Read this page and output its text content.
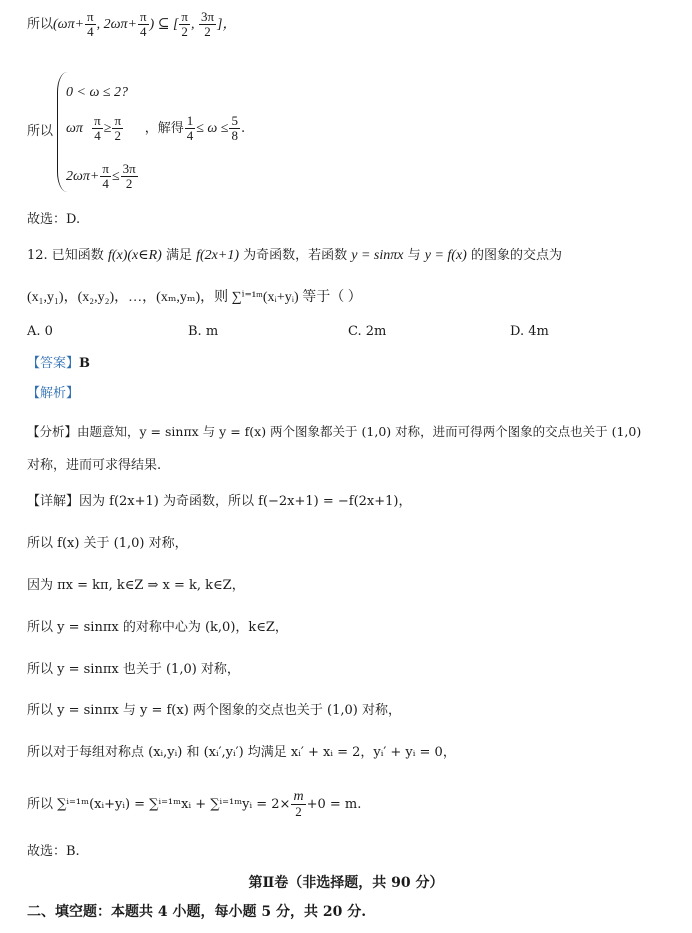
所以($\omega\pi+ \frac{\pi}{4}$ , $2\omega\pi+ \frac{\pi}{4}$ ) ⊆ [ $\frac{\pi}{2}$ , $\frac{3\pi}{2}$ ]，
所以
0 < ω ≤ 2?
ωπ $\frac{\pi}{4} \ge \frac{\pi}{2}$ ，解得 $\frac{1}{4} \le \omega \le \frac{5}{8}$ .
$2\omega\pi+ \frac{\pi}{4} \le \frac{3\pi}{2}$
故选：D.
12. 已知函数 f(x)(x∈R) 满足 f(2x+1) 为奇函数，若函数 y = sinπx 与 y = f(x) 的图象的交点为
(x₁,y₁)，(x₂,y₂)，…，(xₘ,yₘ)，则 ∑ⁱ⁼¹ᵐ(xᵢ+yᵢ) 等于（ ）
A. 0	B. m	C. 2m	D. 4m
【答案】B
【解析】
【分析】由题意知，y = sinπx 与 y = f(x) 两个图象都关于 (1,0) 对称，进而可得两个图象的交点也关于 (1,0)
对称，进而可求得结果.
【详解】因为 f(2x+1) 为奇函数，所以 f(−2x+1) = −f(2x+1)，
所以 f(x) 关于 (1,0) 对称，
因为 πx = kπ, k∈Z ⇒ x = k, k∈Z，
所以 y = sinπx 的对称中心为 (k,0)，k∈Z，
所以 y = sinπx 也关于 (1,0) 对称，
所以 y = sinπx 与 y = f(x) 两个图象的交点也关于 (1,0) 对称，
所以对于每组对称点 (xᵢ,yᵢ) 和 (xᵢ′,yᵢ′) 均满足 xᵢ′ + xᵢ = 2，yᵢ′ + yᵢ = 0，
所以 ∑ⁱ⁼¹ᵐ(xᵢ+yᵢ) = ∑ⁱ⁼¹ᵐxᵢ + ∑ⁱ⁼¹ᵐyᵢ = $2\times \frac{m}{2} +0 = m$.
故选：B.
第Ⅱ卷（非选择题，共 90 分）
二、填空题：本题共 4 小题，每小题 5 分，共 20 分.
